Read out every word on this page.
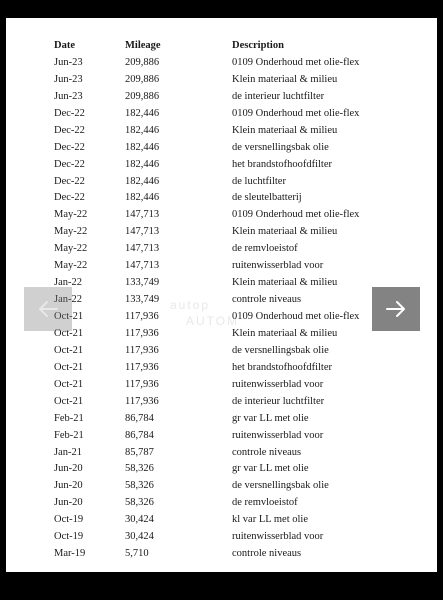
Date	Mileage	Description
Jun-23	209,886	0109 Onderhoud met olie-flex
Jun-23	209,886	Klein materiaal & milieu
Jun-23	209,886	de interieur luchtfilter
Dec-22	182,446	0109 Onderhoud met olie-flex
Dec-22	182,446	Klein materiaal & milieu
Dec-22	182,446	de versnellingsbak olie
Dec-22	182,446	het brandstofhoofdfilter
Dec-22	182,446	de luchtfilter
Dec-22	182,446	de sleutelbatterij
May-22	147,713	0109 Onderhoud met olie-flex
May-22	147,713	Klein materiaal & milieu
May-22	147,713	de remvloeistof
May-22	147,713	ruitenwisserblad voor
Jan-22	133,749	Klein materiaal & milieu
Jan-22	133,749	controle niveaus
Oct-21	117,936	0109 Onderhoud met olie-flex
Oct-21	117,936	Klein materiaal & milieu
Oct-21	117,936	de versnellingsbak olie
Oct-21	117,936	het brandstofhoofdfilter
Oct-21	117,936	ruitenwisserblad voor
Oct-21	117,936	de interieur luchtfilter
Feb-21	86,784	gr var LL met olie
Feb-21	86,784	ruitenwisserblad voor
Jan-21	85,787	controle niveaus
Jun-20	58,326	gr var LL met olie
Jun-20	58,326	de versnellingsbak olie
Jun-20	58,326	de remvloeistof
Oct-19	30,424	kl var LL met olie
Oct-19	30,424	ruitenwisserblad voor
Mar-19	5,710	controle niveaus
autop
AUTOM
